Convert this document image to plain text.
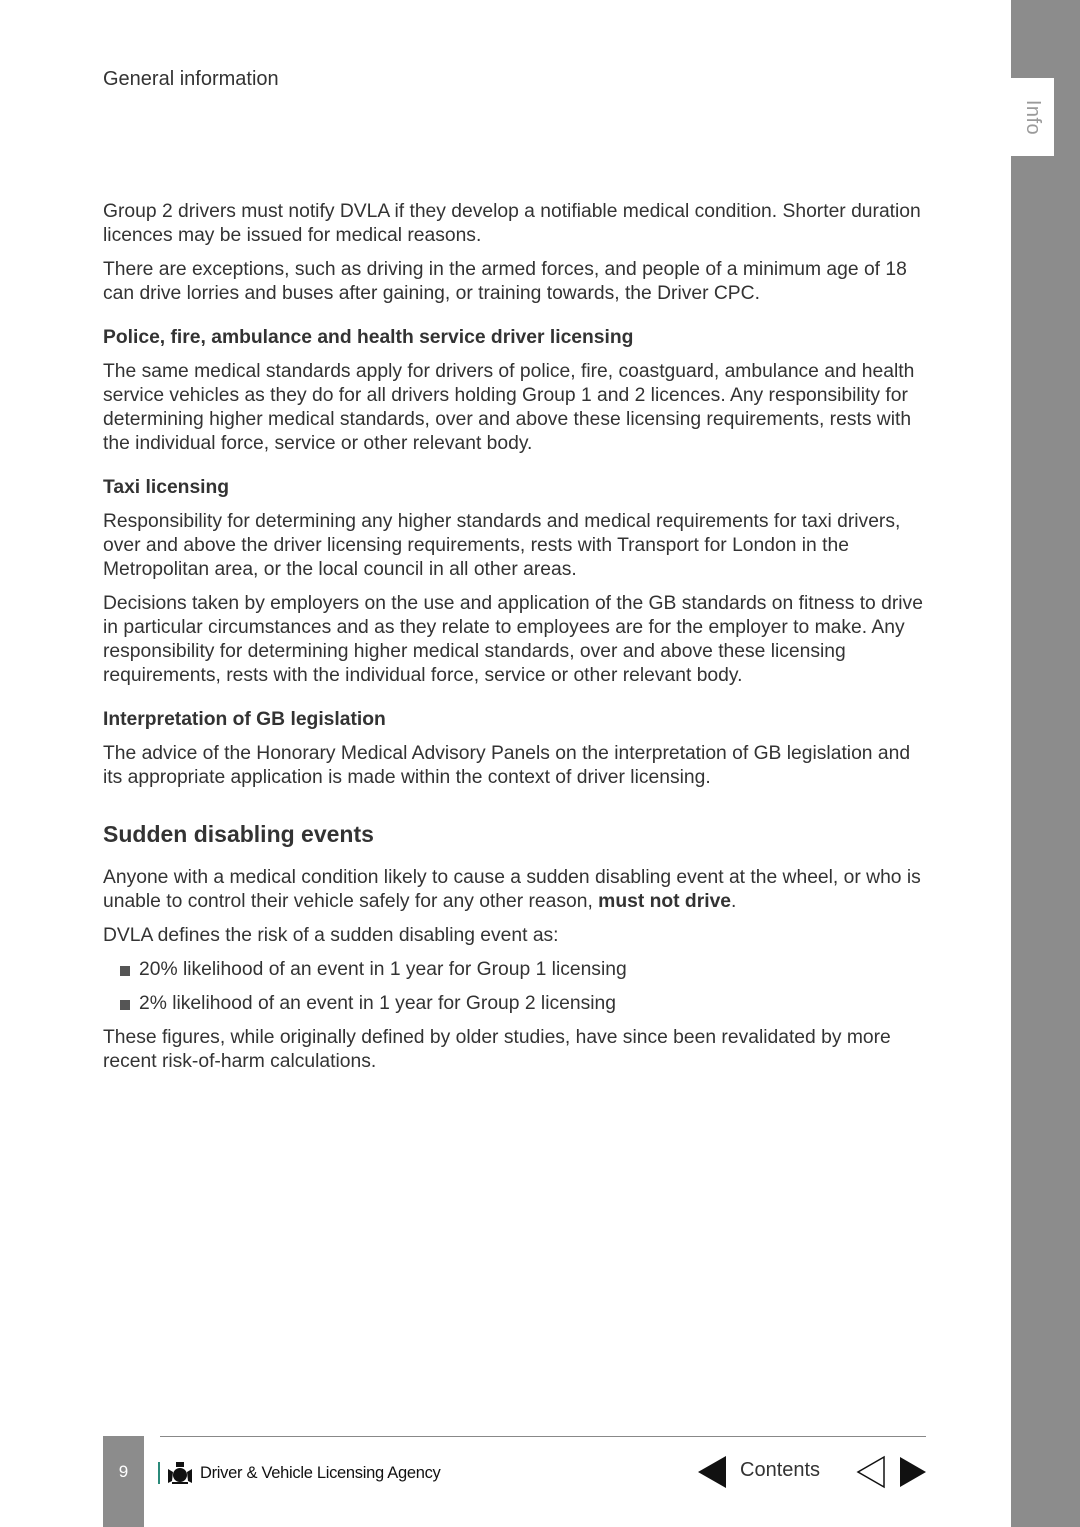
Info
General information

Group 2 drivers must notify DVLA if they develop a notifiable medical condition. Shorter duration licences may be issued for medical reasons.

There are exceptions, such as driving in the armed forces, and people of a minimum age of 18 can drive lorries and buses after gaining, or training towards, the Driver CPC.

Police, fire, ambulance and health service driver licensing

The same medical standards apply for drivers of police, fire, coastguard, ambulance and health service vehicles as they do for all drivers holding Group 1 and 2 licences. Any responsibility for determining higher medical standards, over and above these licensing requirements, rests with the individual force, service or other relevant body.

Taxi licensing

Responsibility for determining any higher standards and medical requirements for taxi drivers, over and above the driver licensing requirements, rests with Transport for London in the Metropolitan area, or the local council in all other areas.

Decisions taken by employers on the use and application of the GB standards on fitness to drive in particular circumstances and as they relate to employees are for the employer to make. Any responsibility for determining higher medical standards, over and above these licensing requirements, rests with the individual force, service or other relevant body.

Interpretation of GB legislation

The advice of the Honorary Medical Advisory Panels on the interpretation of GB legislation and its appropriate application is made within the context of driver licensing.

Sudden disabling events

Anyone with a medical condition likely to cause a sudden disabling event at the wheel, or who is unable to control their vehicle safely for any other reason, must not drive.

DVLA defines the risk of a sudden disabling event as:

20% likelihood of an event in 1 year for Group 1 licensing
2% likelihood of an event in 1 year for Group 2 licensing

These figures, while originally defined by older studies, have since been revalidated by more recent risk-of-harm calculations.

9	Driver & Vehicle Licensing Agency	Contents
